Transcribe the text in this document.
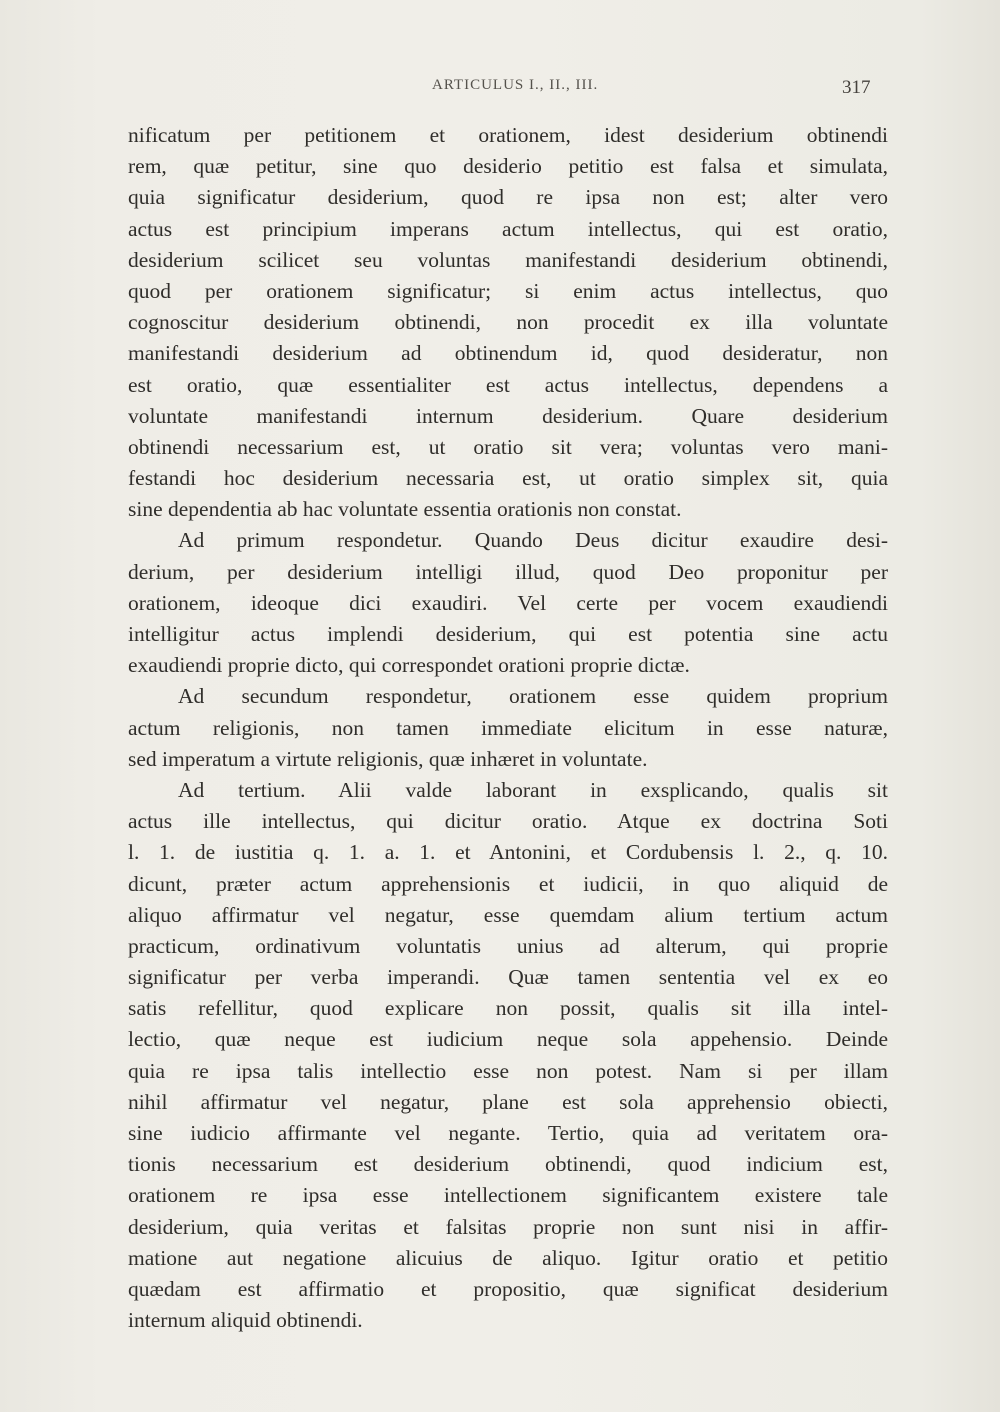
ARTICULUS I., II., III.	317
nificatum per petitionem et orationem, idest desiderium obtinendi
rem, quæ petitur, sine quo desiderio petitio est falsa et simulata,
quia significatur desiderium, quod re ipsa non est; alter vero
actus est principium imperans actum intellectus, qui est oratio,
desiderium scilicet seu voluntas manifestandi desiderium obtinendi,
quod per orationem significatur; si enim actus intellectus, quo
cognoscitur desiderium obtinendi, non procedit ex illa voluntate
manifestandi desiderium ad obtinendum id, quod desideratur, non
est oratio, quæ essentialiter est actus intellectus, dependens a
voluntate manifestandi internum desiderium. Quare desiderium
obtinendi necessarium est, ut oratio sit vera; voluntas vero mani-
festandi hoc desiderium necessaria est, ut oratio simplex sit, quia
sine dependentia ab hac voluntate essentia orationis non constat.
Ad primum respondetur. Quando Deus dicitur exaudire desi-
derium, per desiderium intelligi illud, quod Deo proponitur per
orationem, ideoque dici exaudiri. Vel certe per vocem exaudiendi
intelligitur actus implendi desiderium, qui est potentia sine actu
exaudiendi proprie dicto, qui correspondet orationi proprie dictæ.
Ad secundum respondetur, orationem esse quidem proprium
actum religionis, non tamen immediate elicitum in esse naturæ,
sed imperatum a virtute religionis, quæ inhæret in voluntate.
Ad tertium. Alii valde laborant in exsplicando, qualis sit
actus ille intellectus, qui dicitur oratio. Atque ex doctrina Soti
l. 1. de iustitia q. 1. a. 1. et Antonini, et Cordubensis l. 2., q. 10.
dicunt, præter actum apprehensionis et iudicii, in quo aliquid de
aliquo affirmatur vel negatur, esse quemdam alium tertium actum
practicum, ordinativum voluntatis unius ad alterum, qui proprie
significatur per verba imperandi. Quæ tamen sententia vel ex eo
satis refellitur, quod explicare non possit, qualis sit illa intel-
lectio, quæ neque est iudicium neque sola appehensio. Deinde
quia re ipsa talis intellectio esse non potest. Nam si per illam
nihil affirmatur vel negatur, plane est sola apprehensio obiecti,
sine iudicio affirmante vel negante. Tertio, quia ad veritatem ora-
tionis necessarium est desiderium obtinendi, quod indicium est,
orationem re ipsa esse intellectionem significantem existere tale
desiderium, quia veritas et falsitas proprie non sunt nisi in affir-
matione aut negatione alicuius de aliquo. Igitur oratio et petitio
quædam est affirmatio et propositio, quæ significat desiderium
internum aliquid obtinendi.
